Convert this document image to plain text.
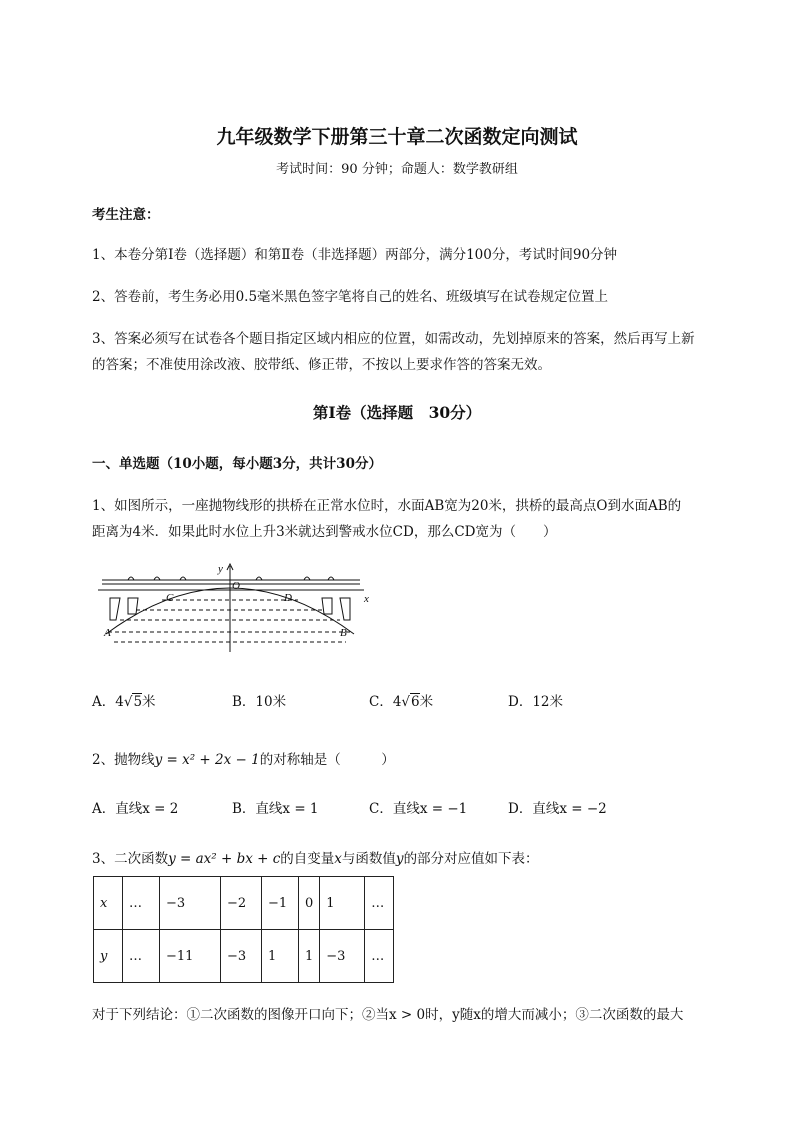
九年级数学下册第三十章二次函数定向测试
考试时间：90 分钟；命题人：数学教研组
考生注意：
1、本卷分第Ⅰ卷（选择题）和第Ⅱ卷（非选择题）两部分，满分100分，考试时间90分钟
2、答卷前，考生务必用0.5毫米黑色签字笔将自己的姓名、班级填写在试卷规定位置上
3、答案必须写在试卷各个题目指定区域内相应的位置，如需改动，先划掉原来的答案，然后再写上新
的答案；不准使用涂改液、胶带纸、修正带，不按以上要求作答的答案无效。
第Ⅰ卷（选择题　30分）
一、单选题（10小题，每小题3分，共计30分）
1、如图所示，一座抛物线形的拱桥在正常水位时，水面AB宽为20米，拱桥的最高点O到水面AB的
距离为4米．如果此时水位上升3米就达到警戒水位CD，那么CD宽为（　　）
y
O
x
C	D
A	B
A．4√5米	B．10米	C．4√6米	D．12米
2、抛物线y = x² + 2x − 1的对称轴是（　　　）
A．直线x = 2	B．直线x = 1	C．直线x = −1	D．直线x = −2
3、二次函数y = ax² + bx + c的自变量x与函数值y的部分对应值如下表：
x	…	−3	−2	−1	0	1	…
y	…	−11	−3	1	1	−3	…
对于下列结论：①二次函数的图像开口向下；②当x > 0时，y随x的增大而减小；③二次函数的最大
